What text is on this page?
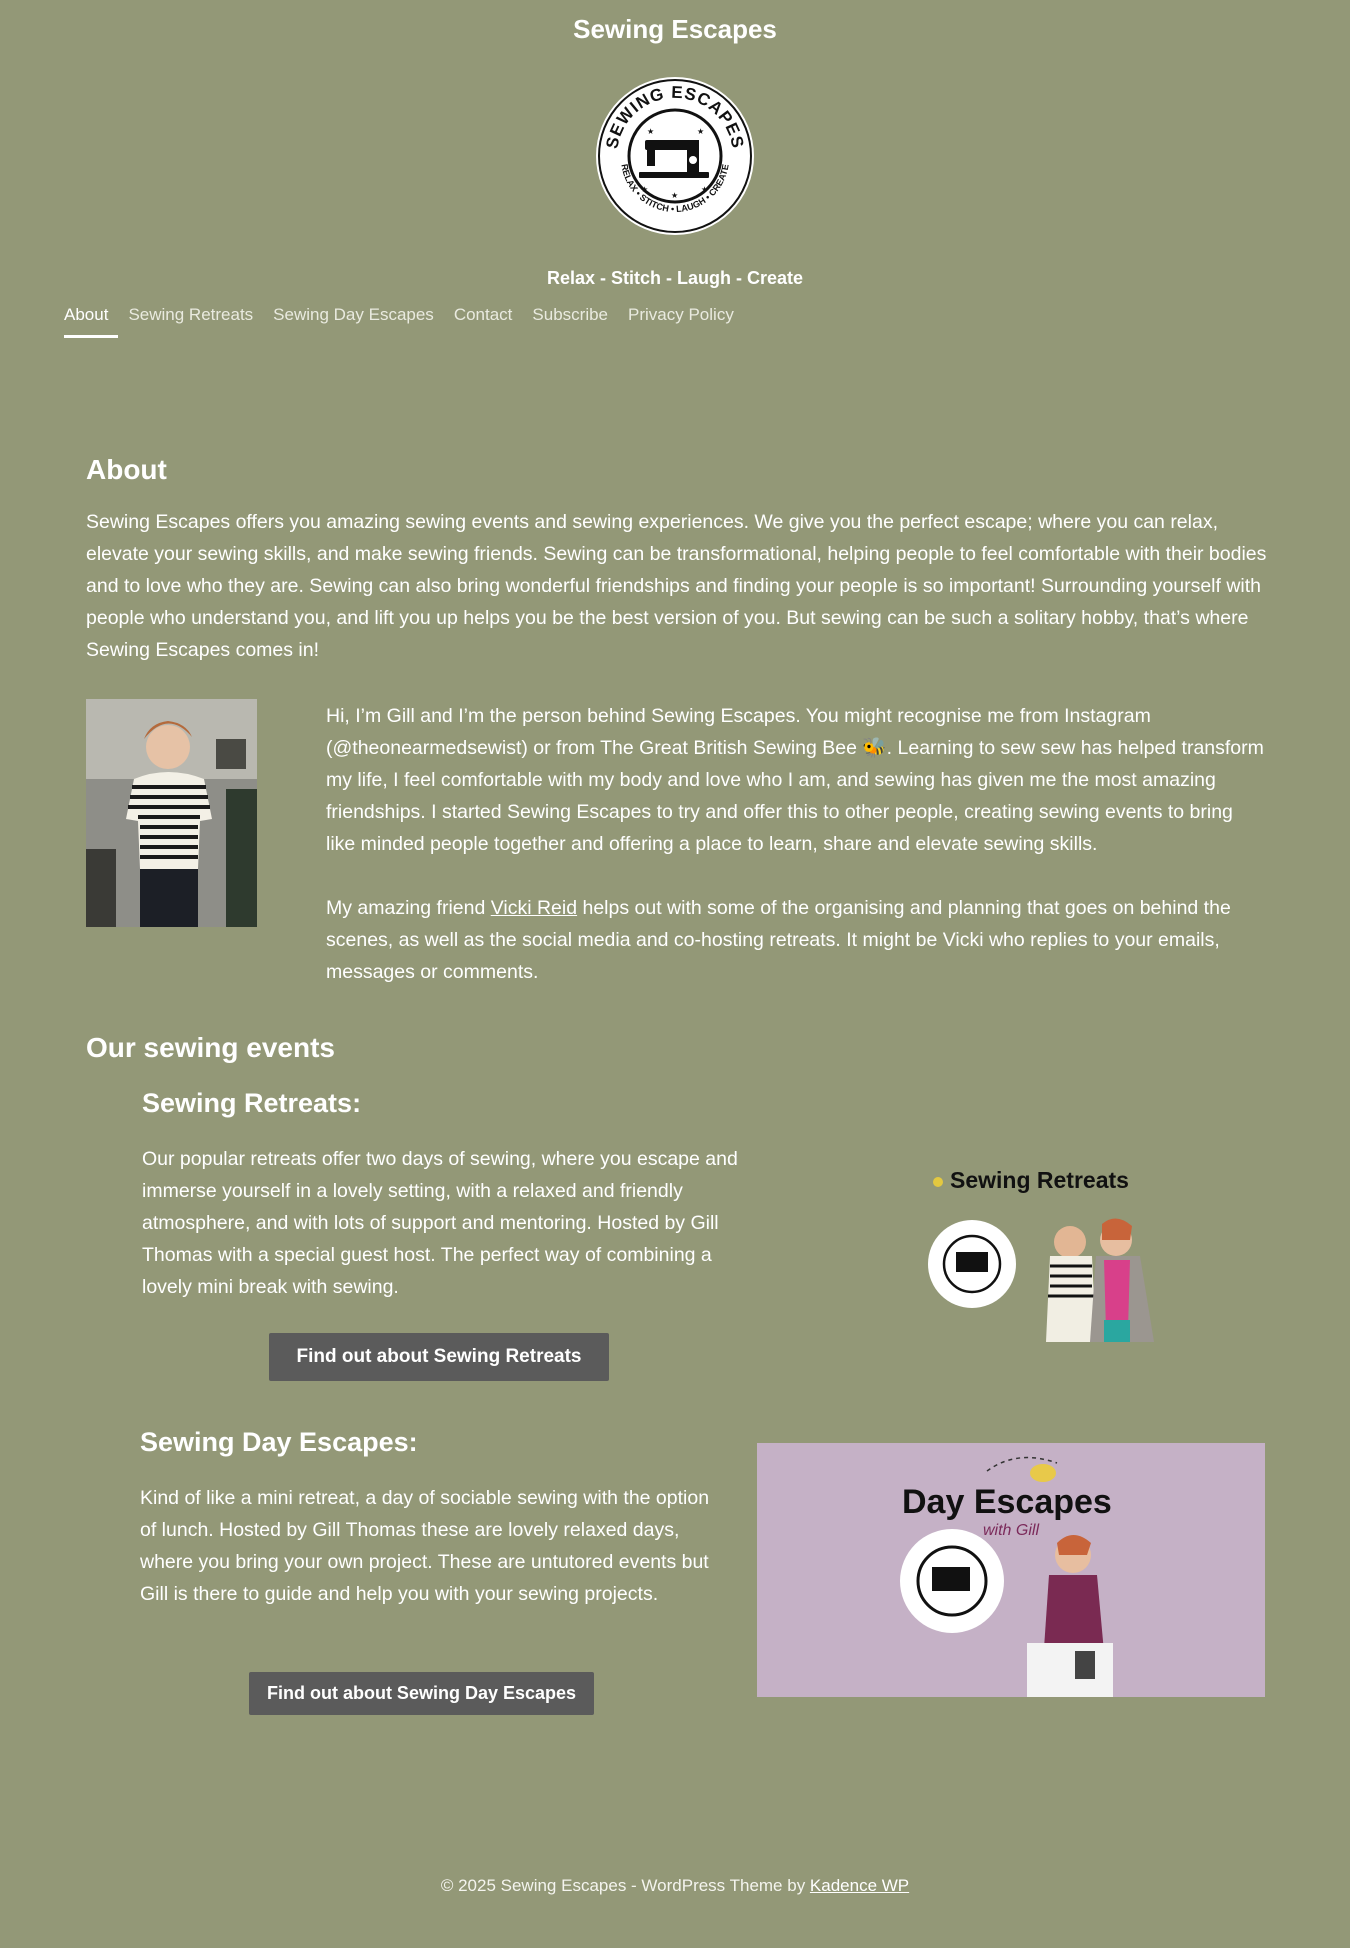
Sewing Escapes
SEWING ESCAPES
RELAX • STITCH • LAUGH • CREATE
★	★
★
★
★
Relax - Stitch - Laugh - Create
About	Sewing Retreats	Sewing Day Escapes	Contact	Subscribe	Privacy Policy
About

Sewing Escapes offers you amazing sewing events and sewing experiences. We give you the perfect escape; where you can relax, elevate your sewing skills, and make sewing friends. Sewing can be transformational, helping people to feel comfortable with their bodies and to love who they are. Sewing can also bring wonderful friendships and finding your people is so important! Surrounding yourself with people who understand you, and lift you up helps you be the best version of you. But sewing can be such a solitary hobby, that’s where Sewing Escapes comes in!

Hi, I’m Gill and I’m the person behind Sewing Escapes. You might recognise me from Instagram (@theonearmedsewist) or from The Great British Sewing Bee 🐝. Learning to sew sew has helped transform my life, I feel comfortable with my body and love who I am, and sewing has given me the most amazing friendships. I started Sewing Escapes to try and offer this to other people, creating sewing events to bring like minded people together and offering a place to learn, share and elevate sewing skills.

My amazing friend Vicki Reid helps out with some of the organising and planning that goes on behind the scenes, as well as the social media and co-hosting retreats. It might be Vicki who replies to your emails, messages or comments.

Our sewing events
Sewing Retreats:

Our popular retreats offer two days of sewing, where you escape and immerse yourself in a lovely setting, with a relaxed and friendly atmosphere, and with lots of support and mentoring. Hosted by Gill Thomas with a special guest host. The perfect way of combining a lovely mini break with sewing.

Find out about Sewing Retreats
Sewing Retreats
Sewing Day Escapes:

Kind of like a mini retreat, a day of sociable sewing with the option of lunch. Hosted by Gill Thomas these are lovely relaxed days, where you bring your own project. These are untutored events but Gill is there to guide and help you with your sewing projects.

Find out about Sewing Day Escapes
Day Escapes
with Gill
© 2025 Sewing Escapes - WordPress Theme by Kadence WP
